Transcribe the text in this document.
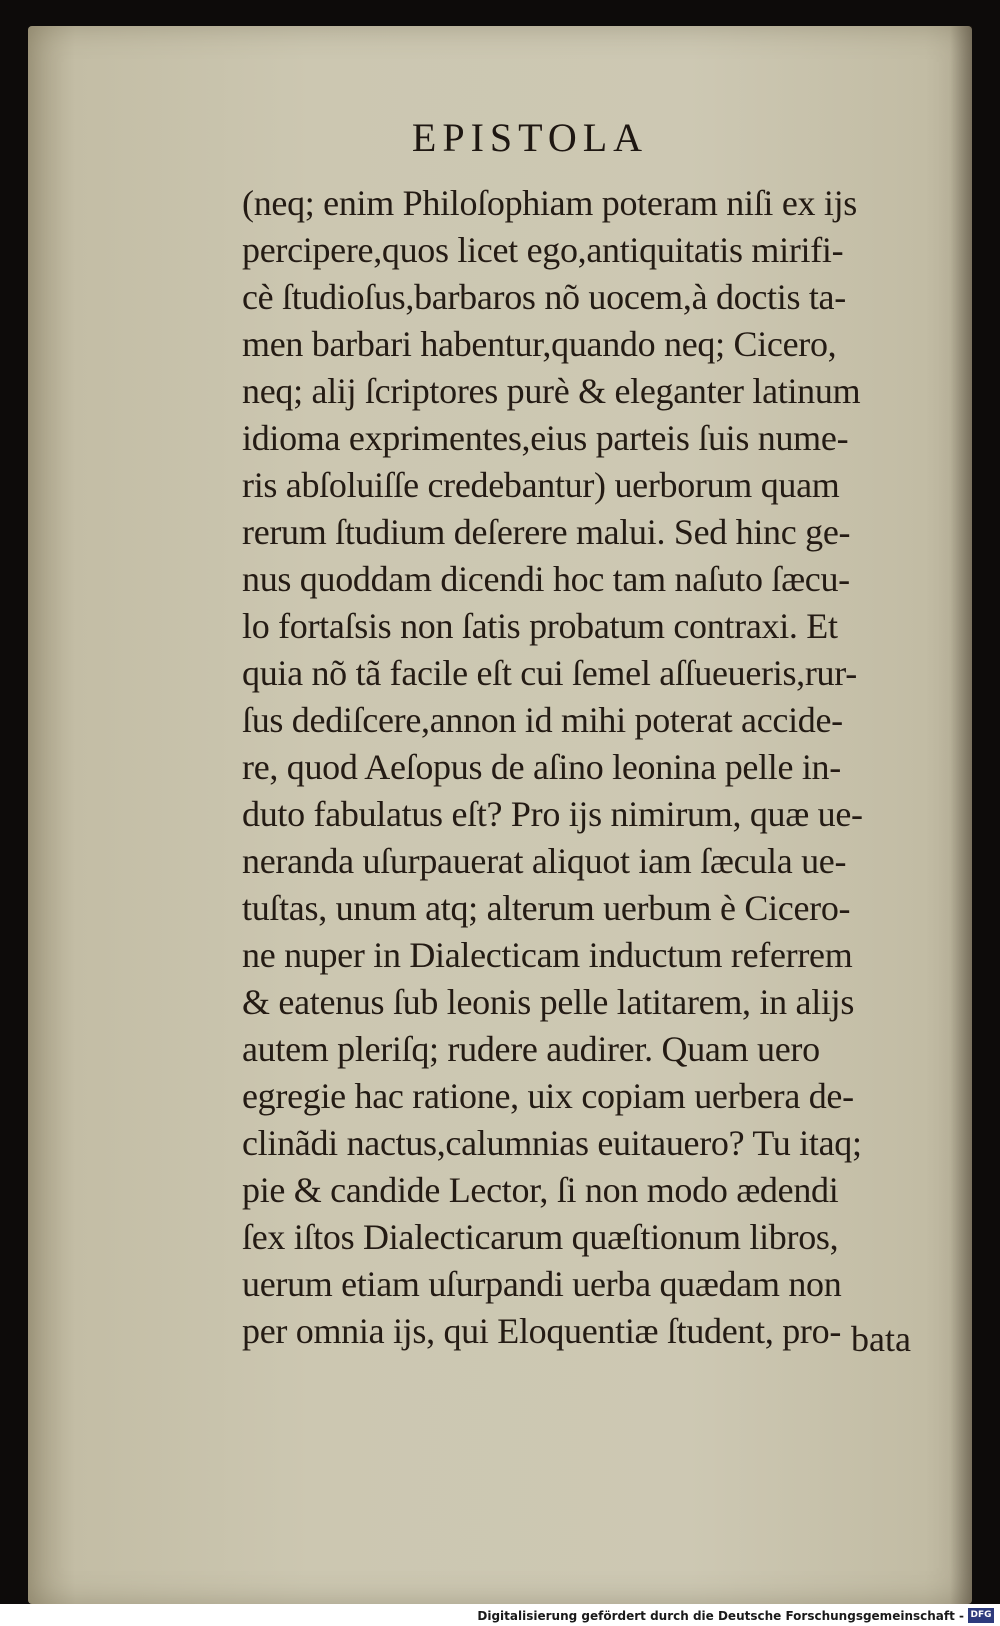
EPISTOLA
(neq; enim Philoſophiam poteram niſi ex ijs
percipere,quos licet ego,antiquitatis mirifi-
cè ſtudioſus,barbaros nõ uocem,à doctis ta-
men barbari habentur,quando neq; Cicero,
neq; alij ſcriptores purè & eleganter latinum
idioma exprimentes,eius parteis ſuis nume-
ris abſoluiſſe credebantur) uerborum quam
rerum ſtudium deſerere malui. Sed hinc ge-
nus quoddam dicendi hoc tam naſuto ſæcu-
lo fortaſsis non ſatis probatum contraxi. Et
quia nõ tã facile eſt cui ſemel aſſueueris,rur-
ſus dediſcere,annon id mihi poterat accide-
re, quod Aeſopus de aſino leonina pelle in-
duto fabulatus eſt? Pro ijs nimirum, quæ ue-
neranda uſurpauerat aliquot iam ſæcula ue-
tuſtas, unum atq; alterum uerbum è Cicero-
ne nuper in Dialecticam inductum referrem
& eatenus ſub leonis pelle latitarem, in alijs
autem pleriſq; rudere audirer. Quam uero
egregie hac ratione, uix copiam uerbera de-
clinãdi nactus,calumnias euitauero? Tu itaq;
pie & candide Lector, ſi non modo ædendi
ſex iſtos Dialecticarum quæſtionum libros,
uerum etiam uſurpandi uerba quædam non
per omnia ijs, qui Eloquentiæ ſtudent, pro- bata
Digitalisierung gefördert durch die Deutsche Forschungsgemeinschaft - DFG
